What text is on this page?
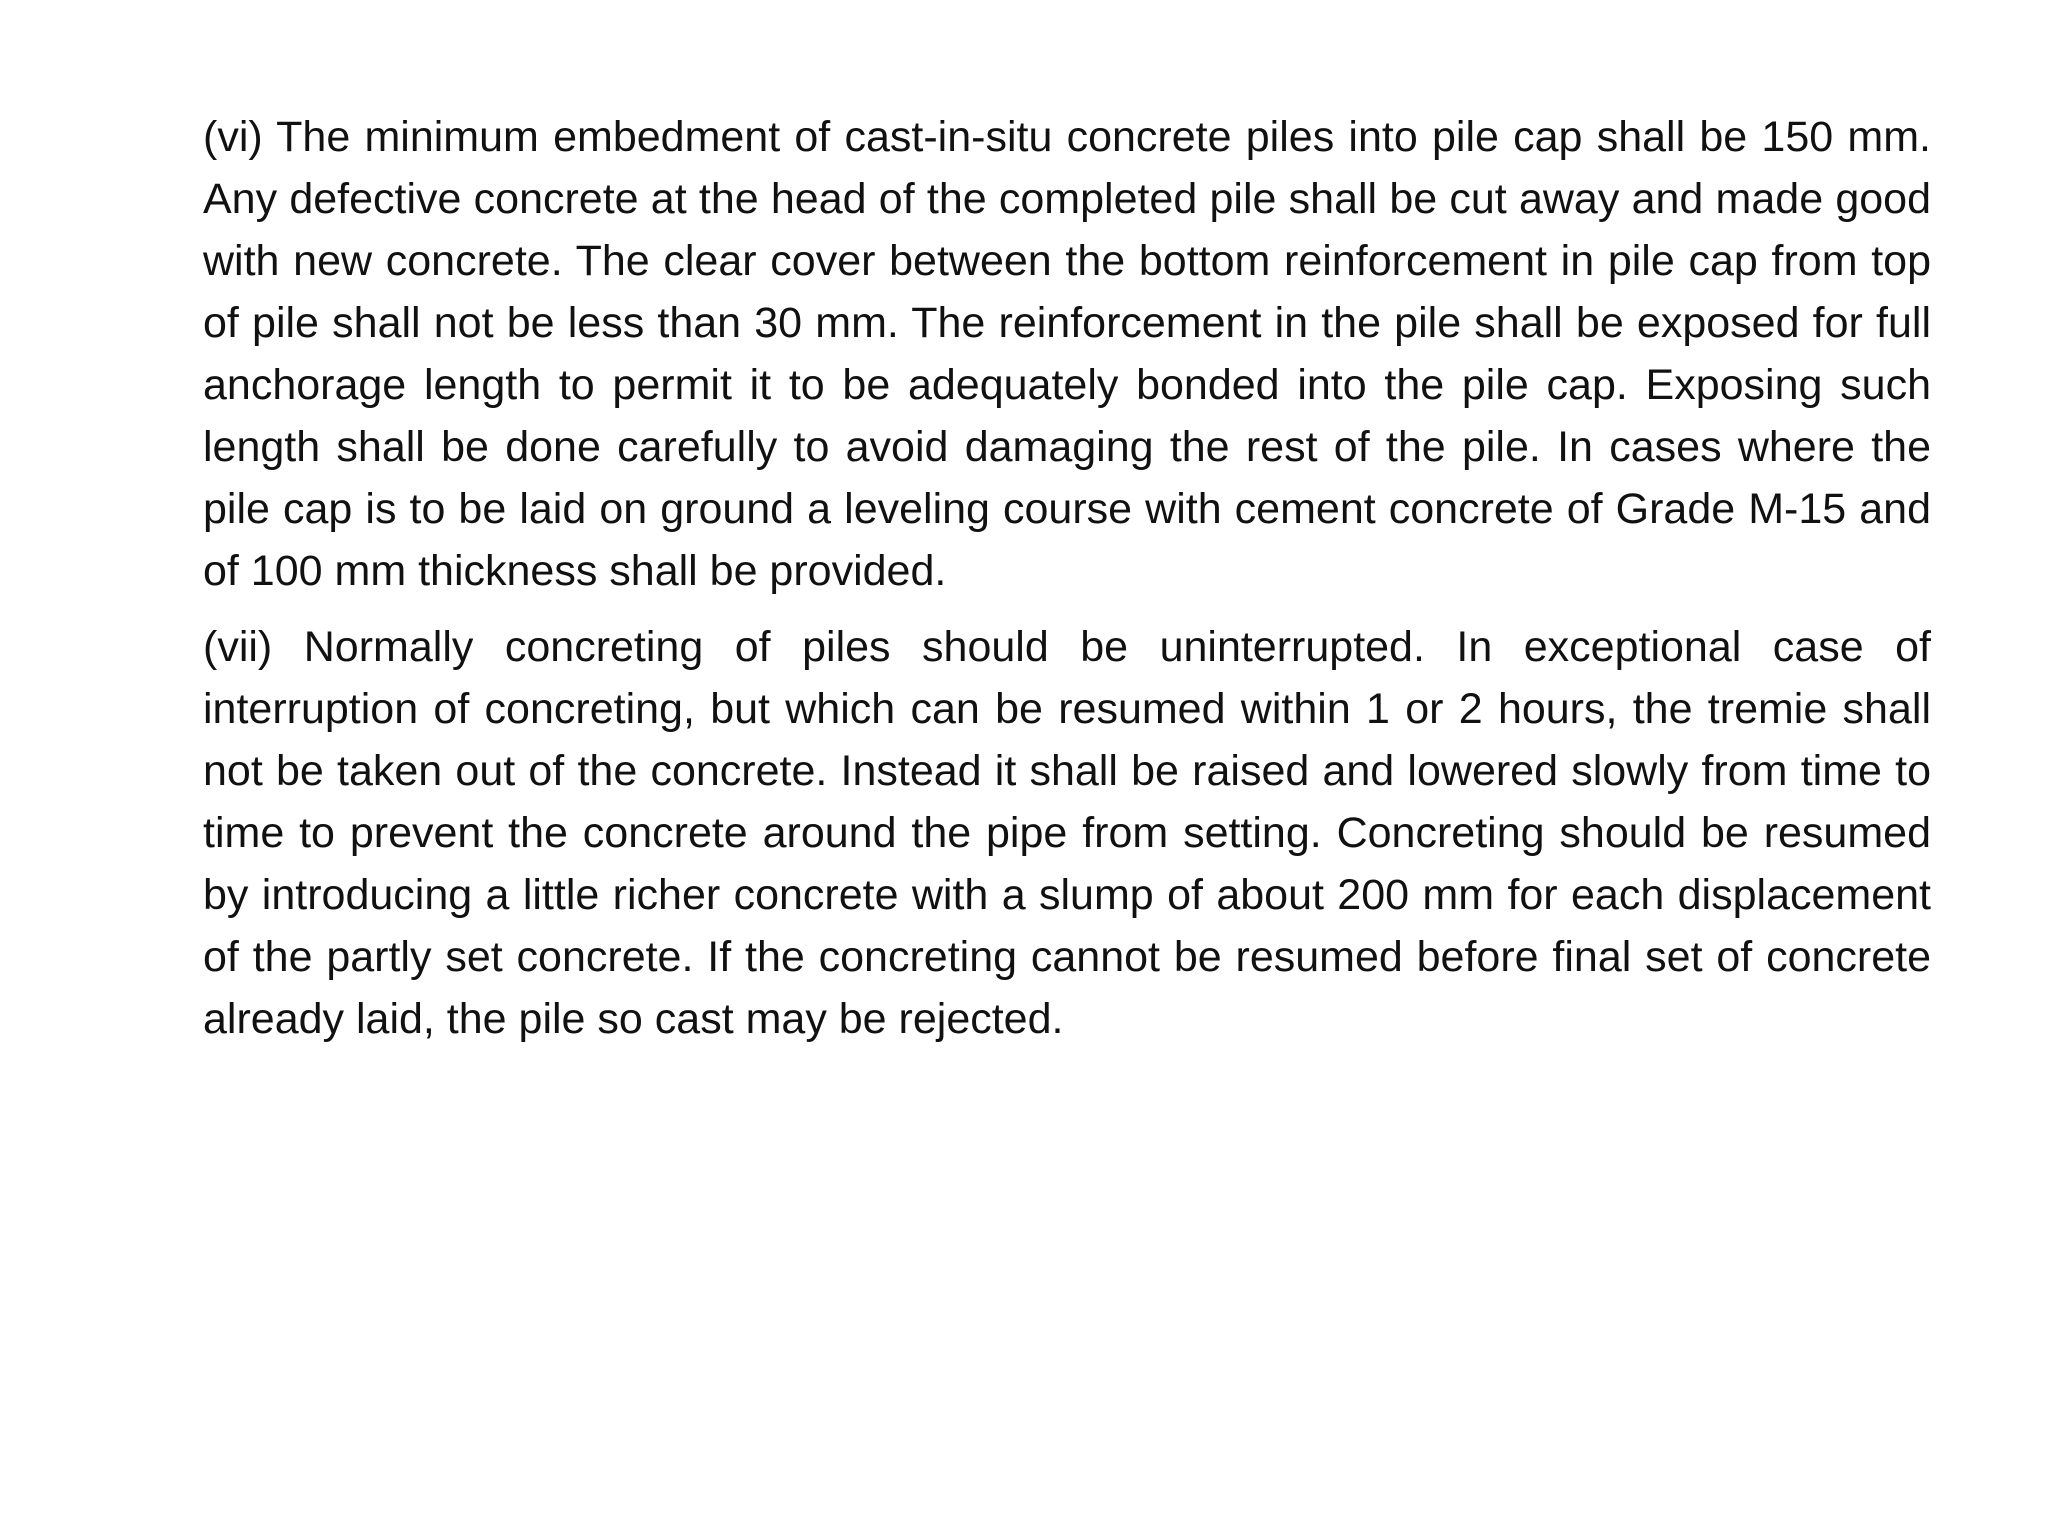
(vi) The minimum embedment of cast-in-situ concrete piles into pile cap shall be 150 mm. Any defective concrete at the head of the completed pile shall be cut away and made good with new concrete. The clear cover between the bottom reinforcement in pile cap from top of pile shall not be less than 30 mm. The reinforcement in the pile shall be exposed for full anchorage length to permit it to be adequately bonded into the pile cap. Exposing such length shall be done carefully to avoid damaging the rest of the pile. In cases where the pile cap is to be laid on ground a leveling course with cement concrete of Grade M-15 and of 100 mm thickness shall be provided.

(vii) Normally concreting of piles should be uninterrupted. In exceptional case of interruption of concreting, but which can be resumed within 1 or 2 hours, the tremie shall not be taken out of the concrete. Instead it shall be raised and lowered slowly from time to time to prevent the concrete around the pipe from setting. Concreting should be resumed by introducing a little richer concrete with a slump of about 200 mm for each displacement of the partly set concrete. If the concreting cannot be resumed before final set of concrete already laid, the pile so cast may be rejected.
